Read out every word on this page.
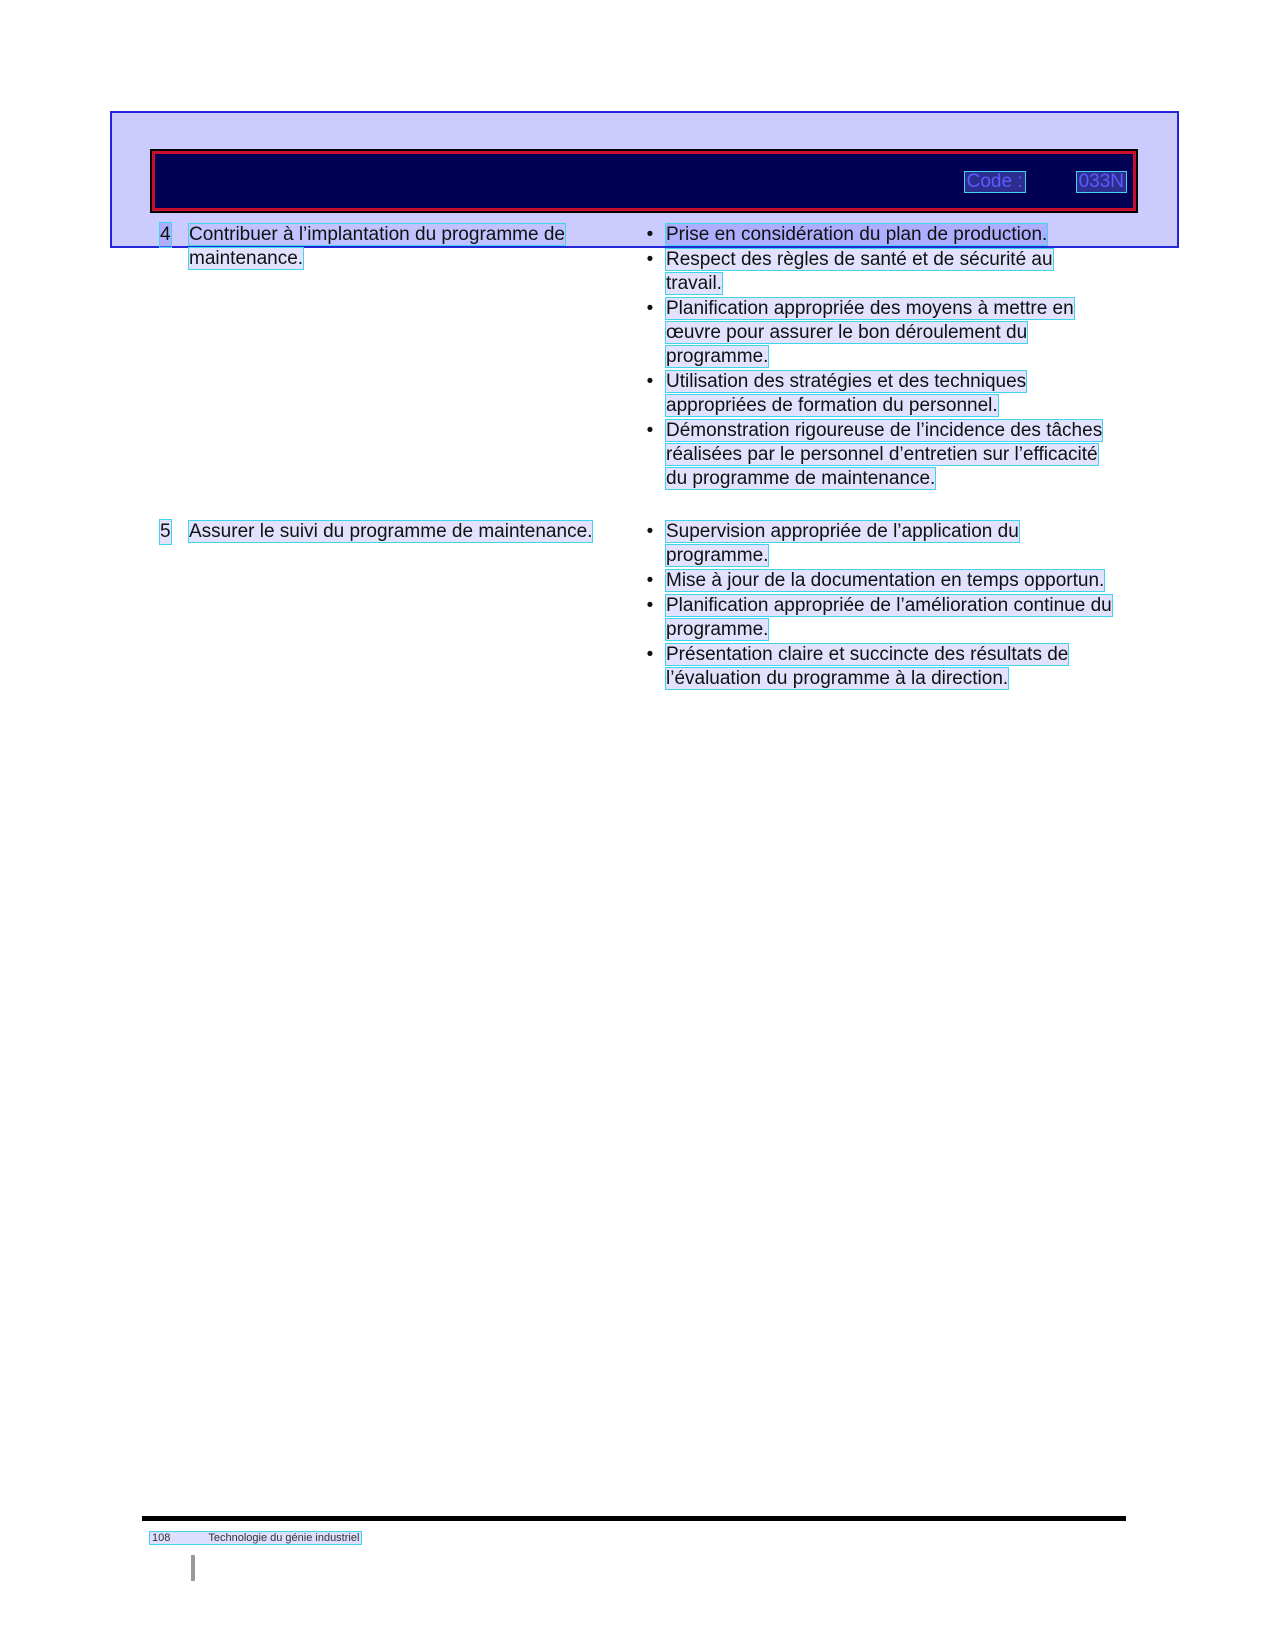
Code :	033N
4 Contribuer à l’implantation du programme de maintenance.
• Prise en considération du plan de production.
• Respect des règles de santé et de sécurité au travail.
• Planification appropriée des moyens à mettre en œuvre pour assurer le bon déroulement du programme.
• Utilisation des stratégies et des techniques appropriées de formation du personnel.
• Démonstration rigoureuse de l’incidence des tâches réalisées par le personnel d’entretien sur l’efficacité du programme de maintenance.
5 Assurer le suivi du programme de maintenance.	• Supervision appropriée de l’application du programme.
• Mise à jour de la documentation en temps opportun.
• Planification appropriée de l’amélioration continue du programme.
• Présentation claire et succincte des résultats de l’évaluation du programme à la direction.
108	Technologie du génie industriel
